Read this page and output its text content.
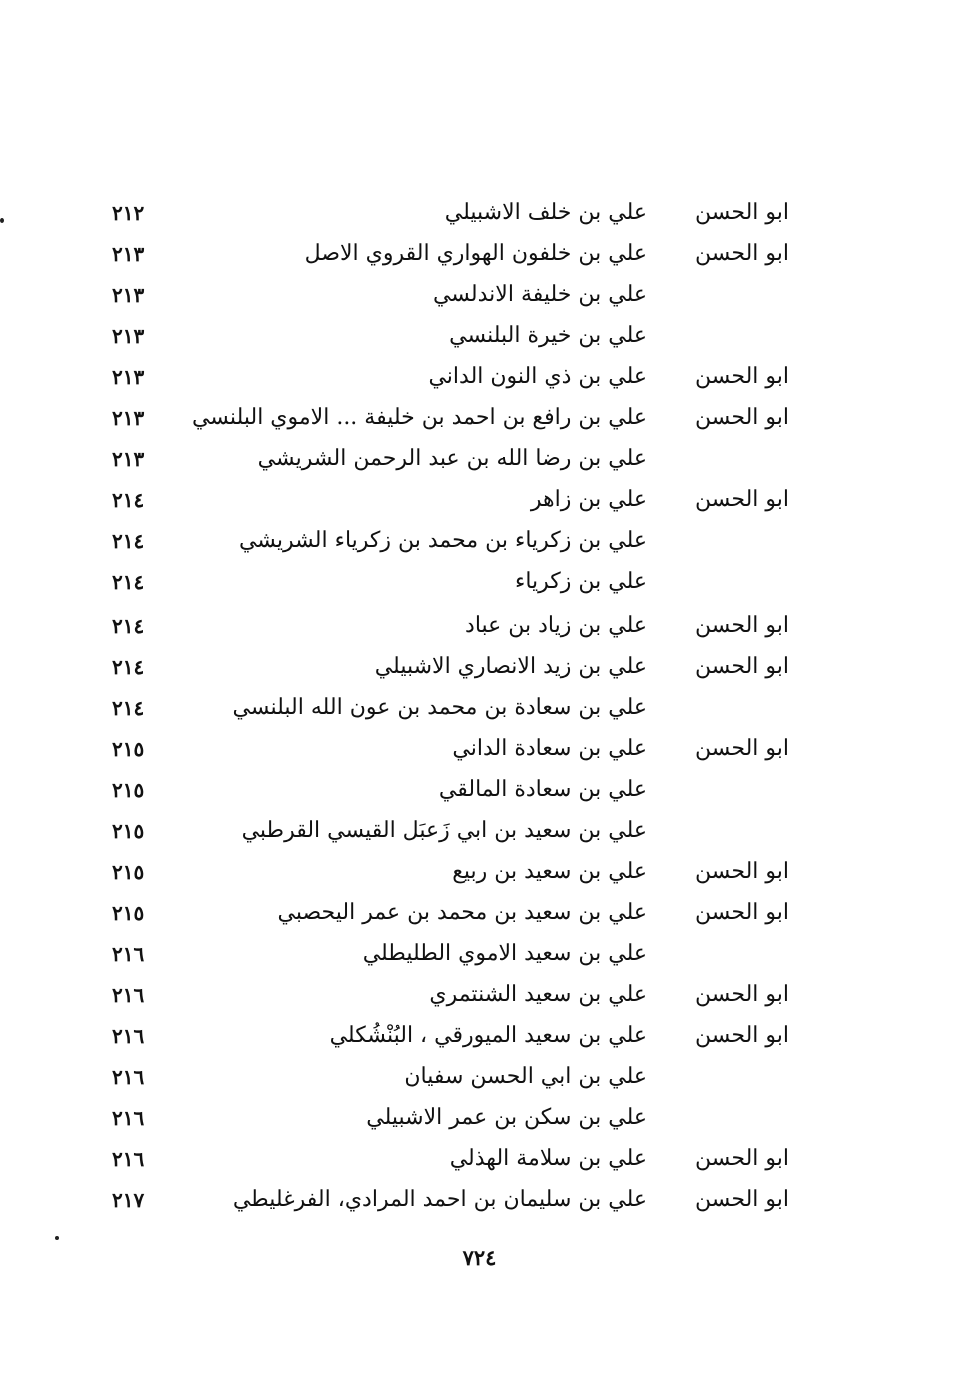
ابو الحسن
علي بن خلف الاشبيلي
٢١٢
ابو الحسن
علي بن خلفون الهواري القروي الاصل
٢١٣
علي بن خليفة الاندلسي
٢١٣
علي بن خيرة البلنسي
٢١٣
ابو الحسن
علي بن ذي النون الداني
٢١٣
ابو الحسن
علي بن رافع بن احمد بن خليفة ... الاموي البلنسي
٢١٣
علي بن رضا الله بن عبد الرحمن الشريشي
٢١٣
ابو الحسن
علي بن زاهر
٢١٤
علي بن زكرياء بن محمد بن زكرياء الشريشي
٢١٤
علي بن زكرياء
٢١٤
ابو الحسن
علي بن زياد بن عباد
٢١٤
ابو الحسن
علي بن زيد الانصاري الاشبيلي
٢١٤
علي بن سعادة بن محمد بن عون الله البلنسي
٢١٤
ابو الحسن
علي بن سعادة الداني
٢١٥
علي بن سعادة المالقي
٢١٥
علي بن سعيد بن ابي زَعبَل القيسي القرطبي
٢١٥
ابو الحسن
علي بن سعيد بن ربيع
٢١٥
ابو الحسن
علي بن سعيد بن محمد بن عمر اليحصبي
٢١٥
علي بن سعيد الاموي الطليطلي
٢١٦
ابو الحسن
علي بن سعيد الشنتمري
٢١٦
ابو الحسن
علي بن سعيد الميورقي ، البُنْشُكلي
٢١٦
علي بن ابي الحسن سفيان
٢١٦
علي بن سكن بن عمر الاشبيلي
٢١٦
ابو الحسن
علي بن سلامة الهذلي
٢١٦
ابو الحسن
علي بن سليمان بن احمد المرادي، الفرغليطي
٢١٧
٧٢٤
